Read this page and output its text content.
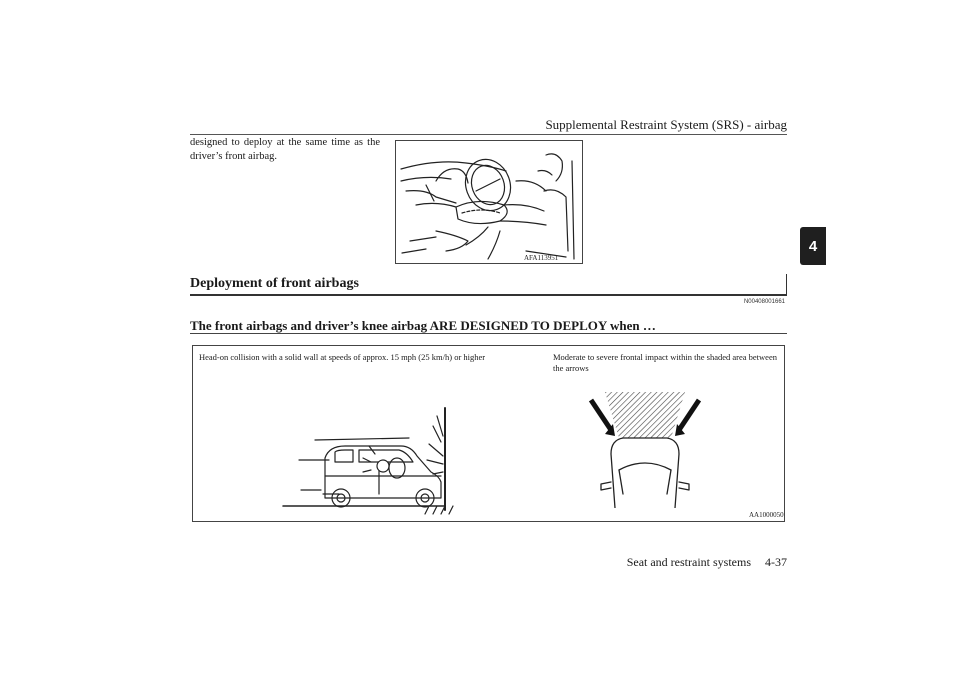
Supplemental Restraint System (SRS) - airbag
4
designed to deploy at the same time as the driver’s front airbag.
AFA113951
Deployment of front airbags
N00408001661
The front airbags and driver’s knee airbag ARE DESIGNED TO DEPLOY when …
Head-on collision with a solid wall at speeds of approx. 15 mph (25 km/h) or higher	Moderate to severe frontal impact within the shaded area between the arrows
AA1000050
Seat and restraint systems 4-37
